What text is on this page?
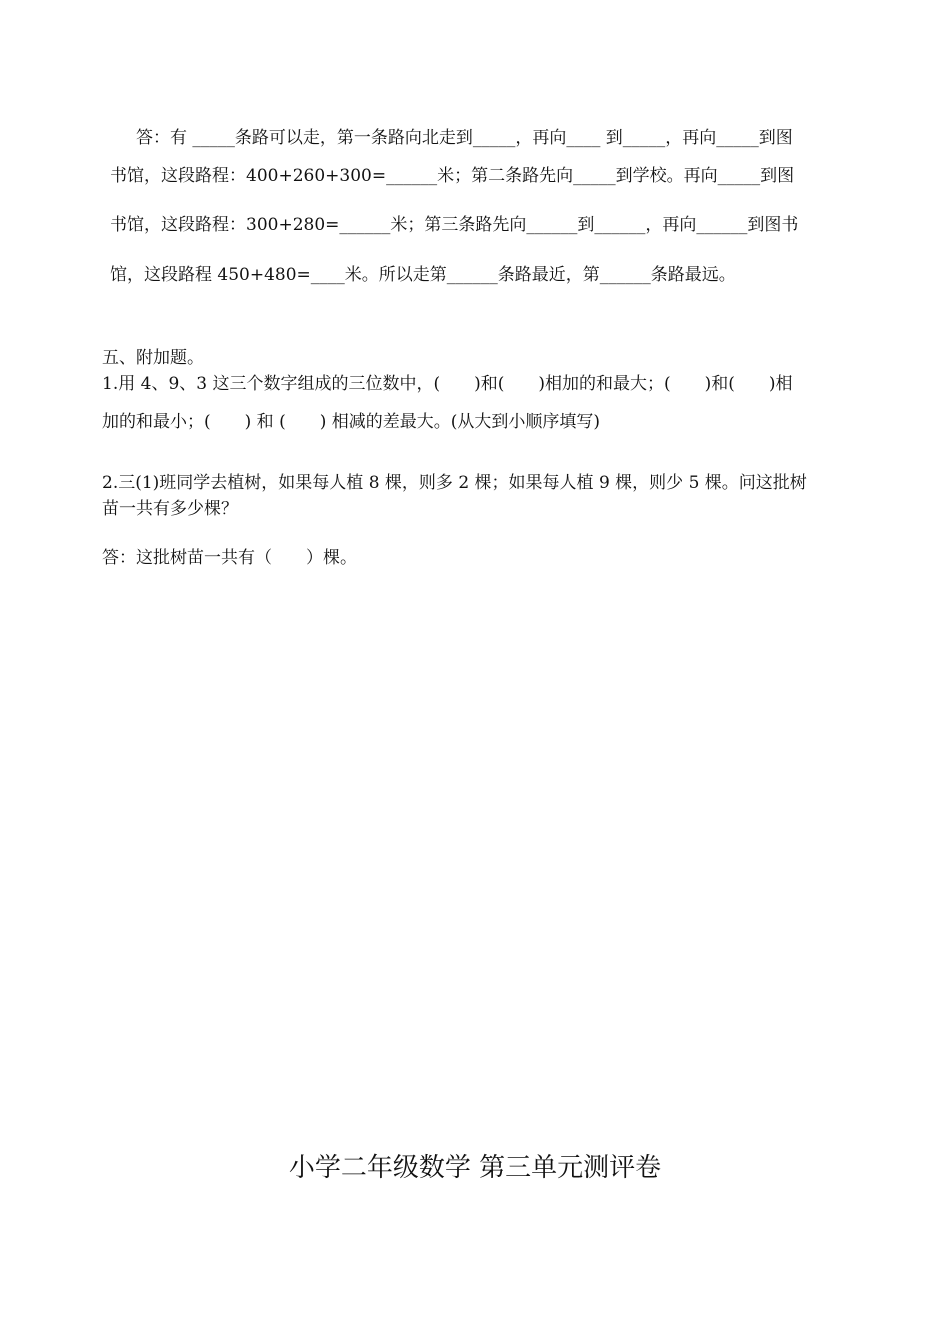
答：有 _____条路可以走，第一条路向北走到_____，再向____ 到_____，再向_____到图
书馆，这段路程：400+260+300=______米；第二条路先向_____到学校。再向_____到图
书馆，这段路程：300+280=______米；第三条路先向______到______，再向______到图书
馆，这段路程 450+480=____米。所以走第______条路最近，第______条路最远。
五、附加题。
1.用 4、9、3 这三个数字组成的三位数中，(　　)和(　　)相加的和最大；(　　)和(　　)相
加的和最小；(　　) 和 (　　) 相减的差最大。(从大到小顺序填写)
2.三(1)班同学去植树，如果每人植 8 棵，则多 2 棵；如果每人植 9 棵，则少 5 棵。问这批树
苗一共有多少棵？
答：这批树苗一共有（　　）棵。
小学二年级数学 第三单元测评卷
